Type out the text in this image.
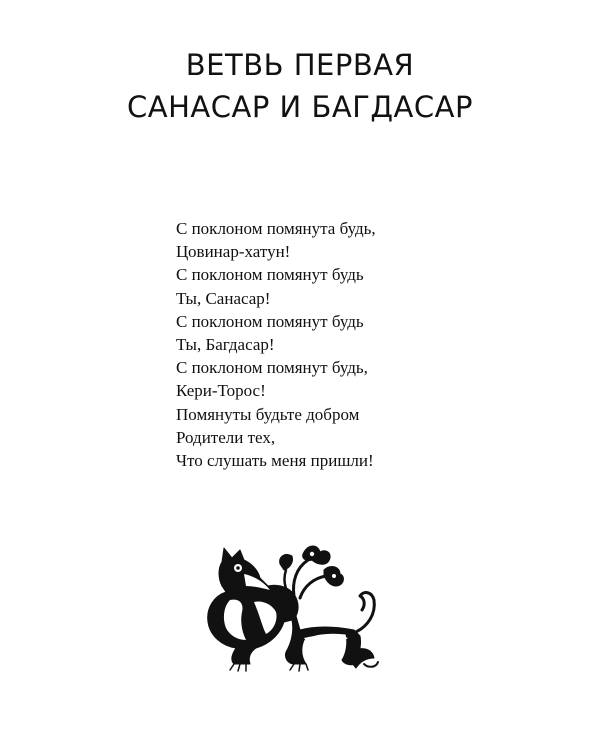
ВЕТВЬ ПЕРВАЯ
САНАСАР И БАГДАСАР
С поклоном помянута будь,
Цовинар-хатун!
С поклоном помянут будь
Ты, Санасар!
С поклоном помянут будь
Ты, Багдасар!
С поклоном помянут будь,
Кери-Торос!
Помянуты будьте добром
Родители тех,
Что слушать меня пришли!
